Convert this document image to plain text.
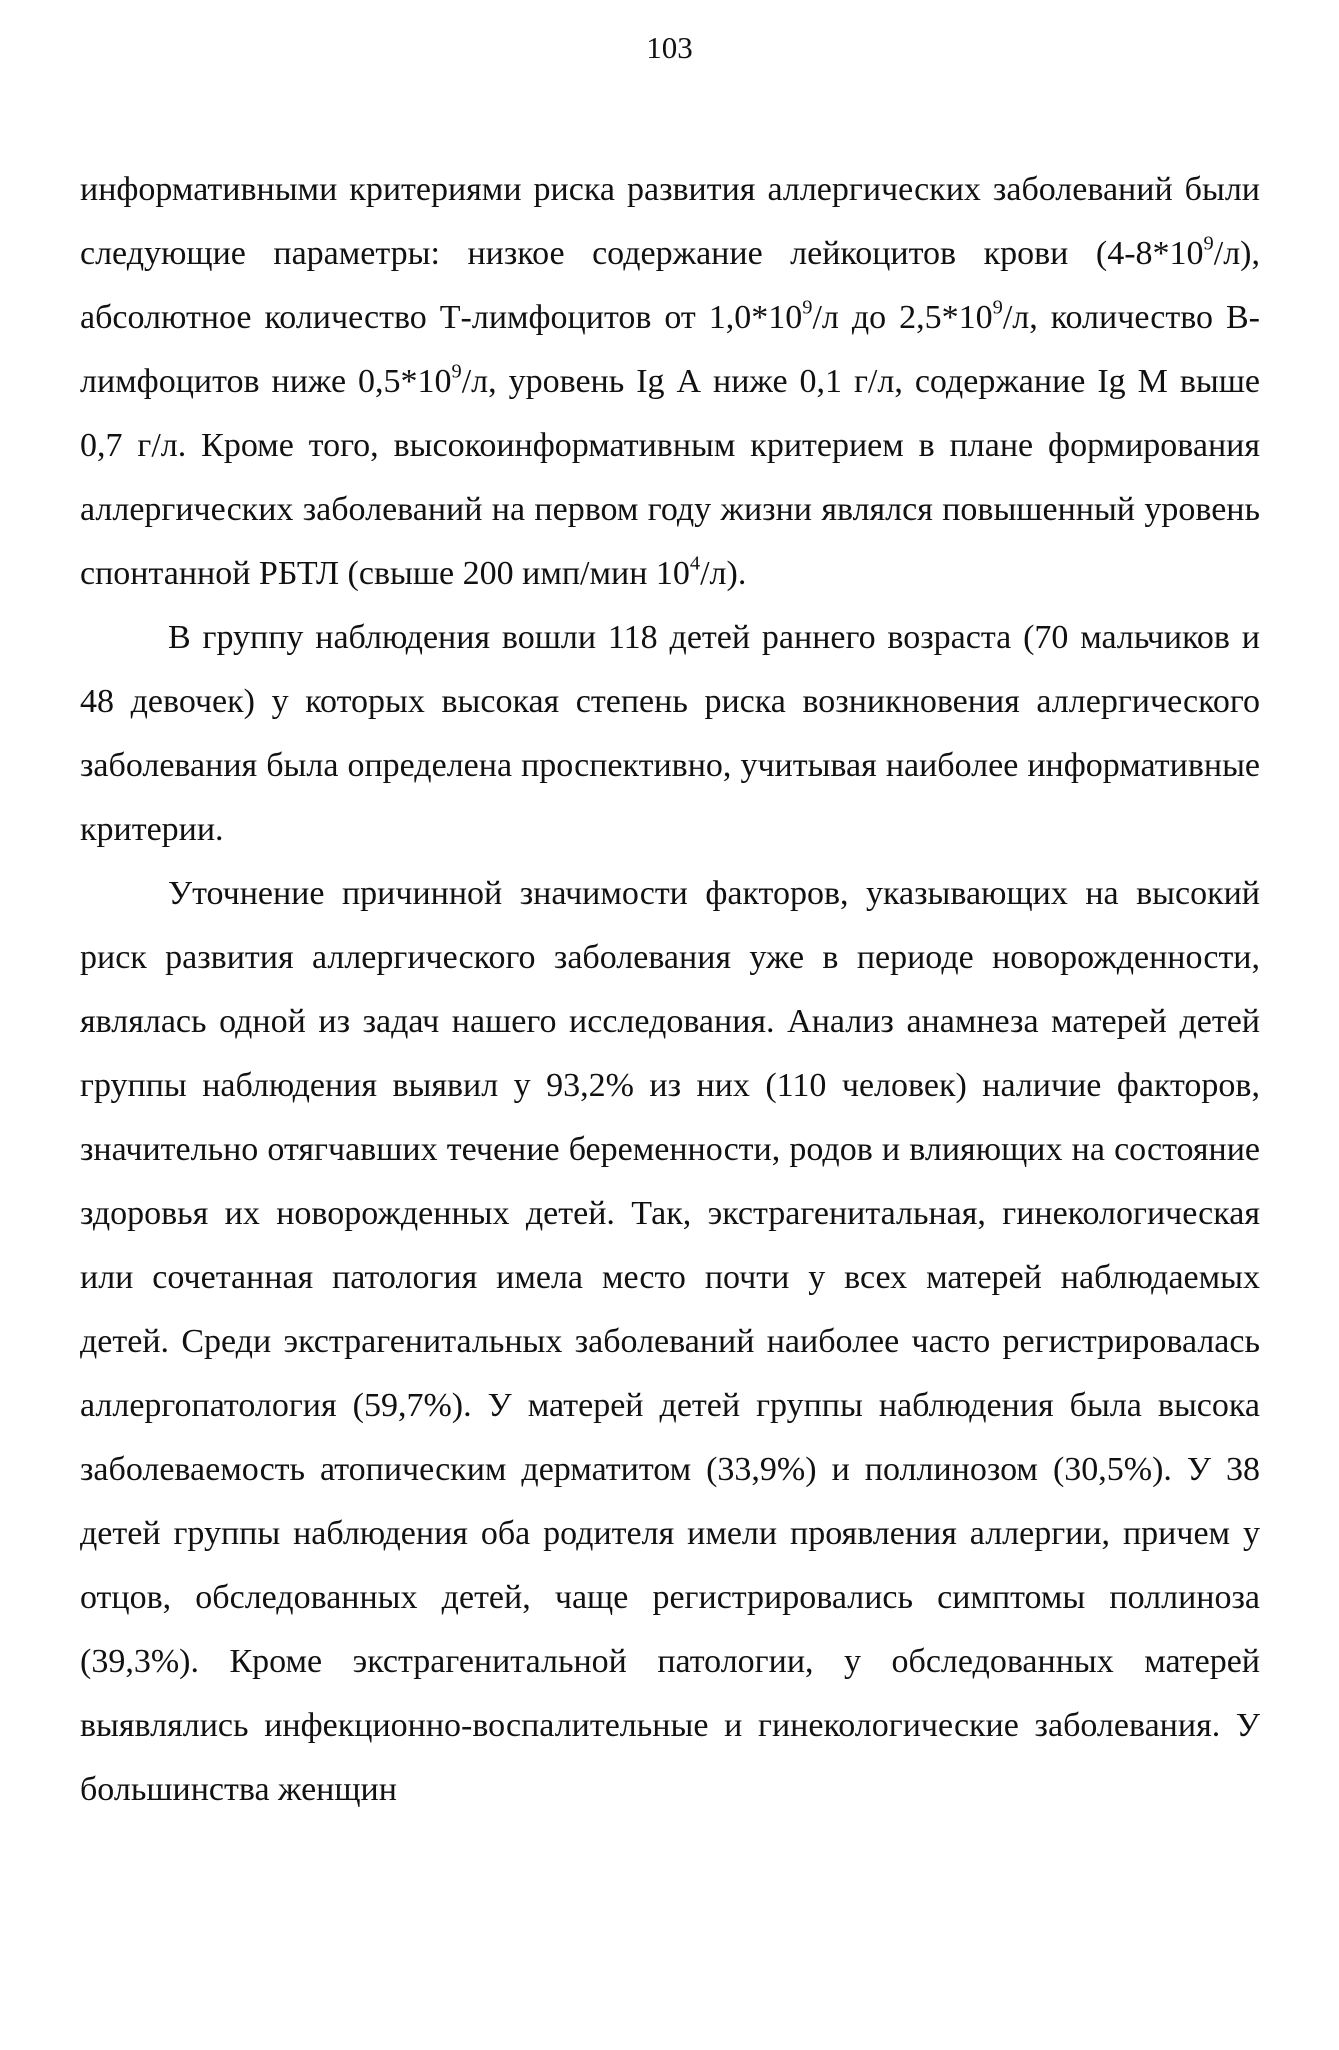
103

информативными критериями риска развития аллергических заболеваний были следующие параметры: низкое содержание лейкоцитов крови $(4-8*10^9/л)$, абсолютное количество Т-лимфоцитов от $1,0*10^9/л$ до $2,5*10^9/л$, количество В-лимфоцитов ниже $0,5*10^9/л$, уровень Ig А ниже 0,1 г/л, содержание Ig М выше 0,7 г/л. Кроме того, высокоинформативным критерием в плане формирования аллергических заболеваний на первом году жизни являлся повышенный уровень спонтанной РБТЛ (свыше 200 имп/мин $10^4/л$).

В группу наблюдения вошли 118 детей раннего возраста (70 мальчиков и 48 девочек) у которых высокая степень риска возникновения аллергического заболевания была определена проспективно, учитывая наиболее информативные критерии.

Уточнение причинной значимости факторов, указывающих на высокий риск развития аллергического заболевания уже в периоде новорожденности, являлась одной из задач нашего исследования. Анализ анамнеза матерей детей группы наблюдения выявил у 93,2% из них (110 человек) наличие факторов, значительно отягчавших течение беременности, родов и влияющих на состояние здоровья их новорожденных детей. Так, экстрагенитальная, гинекологическая или сочетанная патология имела место почти у всех матерей наблюдаемых детей. Среди экстрагенитальных заболеваний наиболее часто регистрировалась аллергопатология (59,7%). У матерей детей группы наблюдения была высока заболеваемость атопическим дерматитом (33,9%) и поллинозом (30,5%). У 38 детей группы наблюдения оба родителя имели проявления аллергии, причем у отцов, обследованных детей, чаще регистрировались симптомы поллиноза (39,3%). Кроме экстрагенитальной патологии, у обследованных матерей выявлялись инфекционно-воспалительные и гинекологические заболевания. У большинства женщин
